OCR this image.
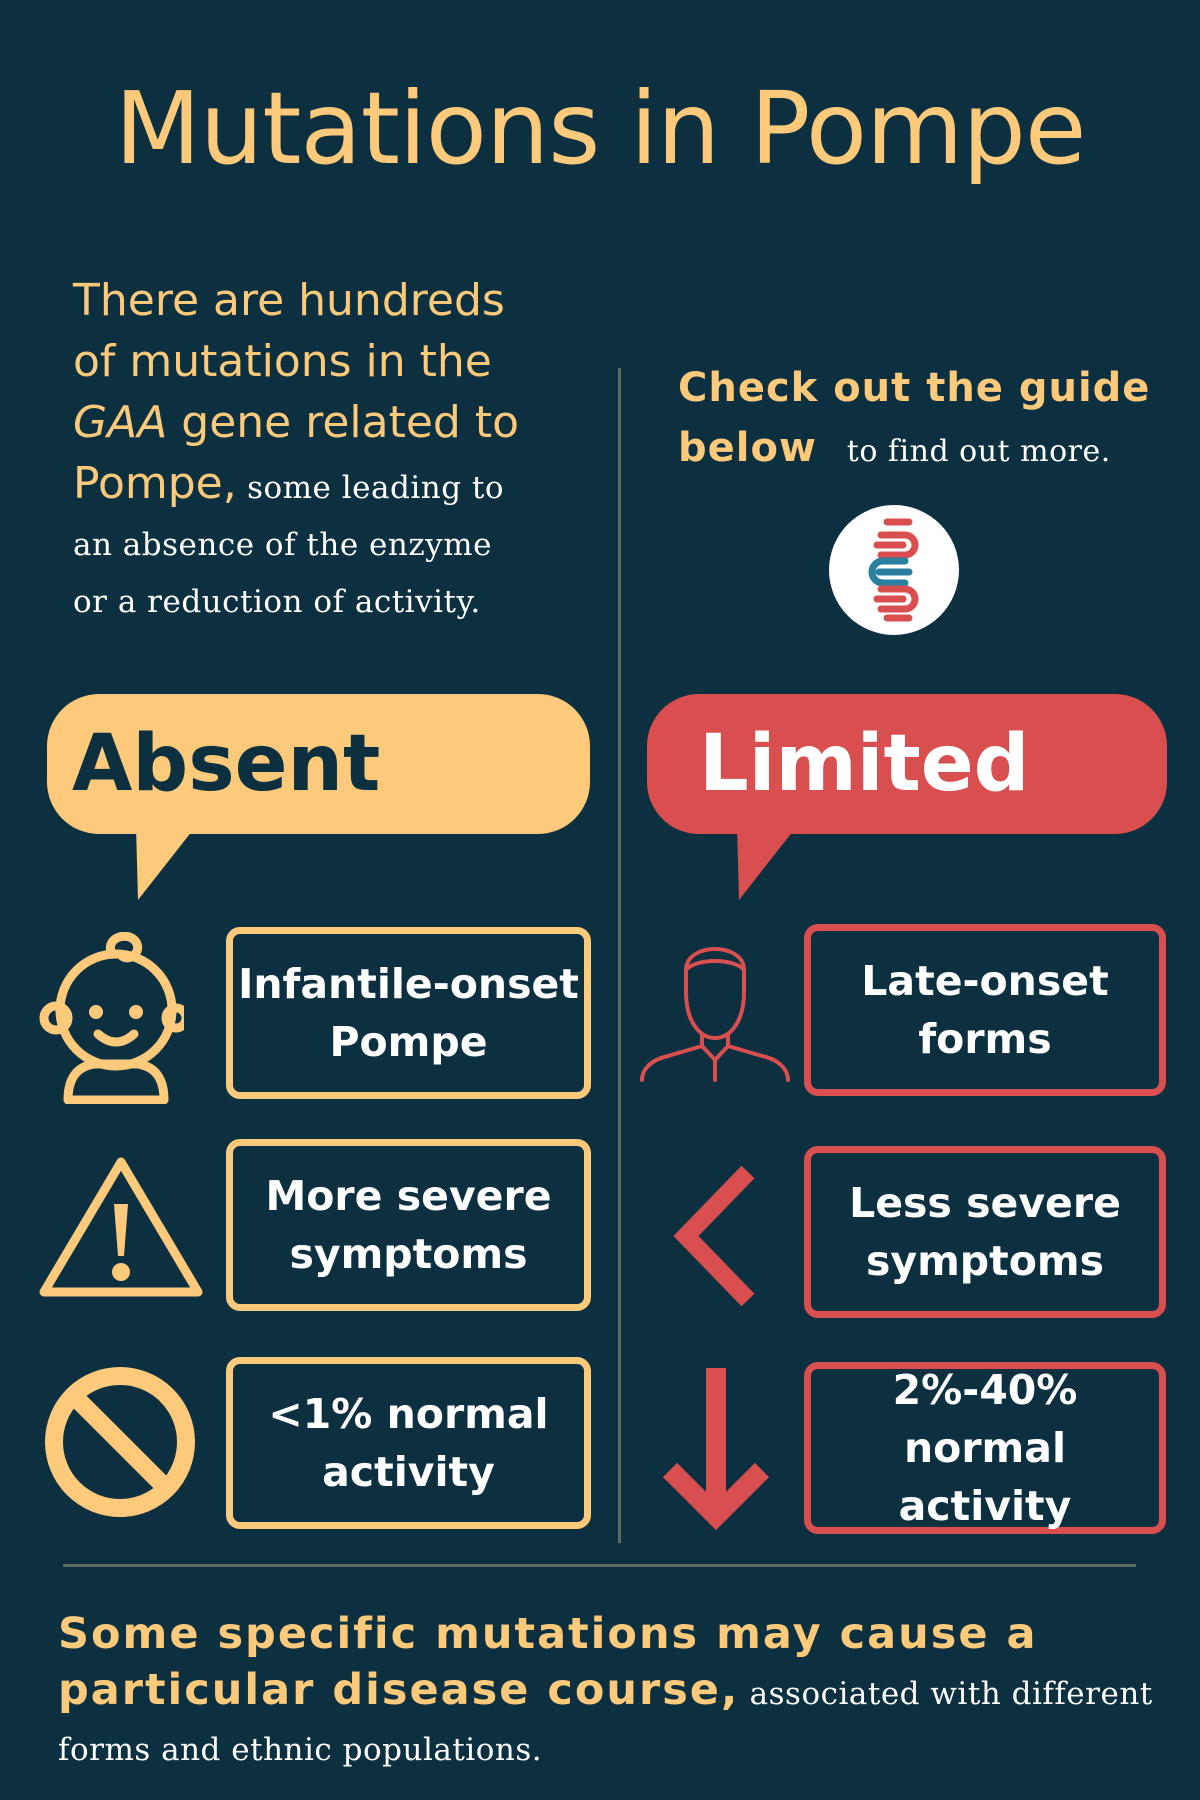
Mutations in Pompe
There are hundreds
of mutations in the
GAA gene related to
Pompe, some leading to
an absence of the enzyme
or a reduction of activity.
Check out the guide
below to find out more.
Absent	Limited
Infantile-onset
Pompe
More severe
symptoms
<1% normal
activity
Late-onset
forms
Less severe
symptoms
2%-40%
normal activity
Some specific mutations may cause a
particular disease course, associated with different
forms and ethnic populations.
